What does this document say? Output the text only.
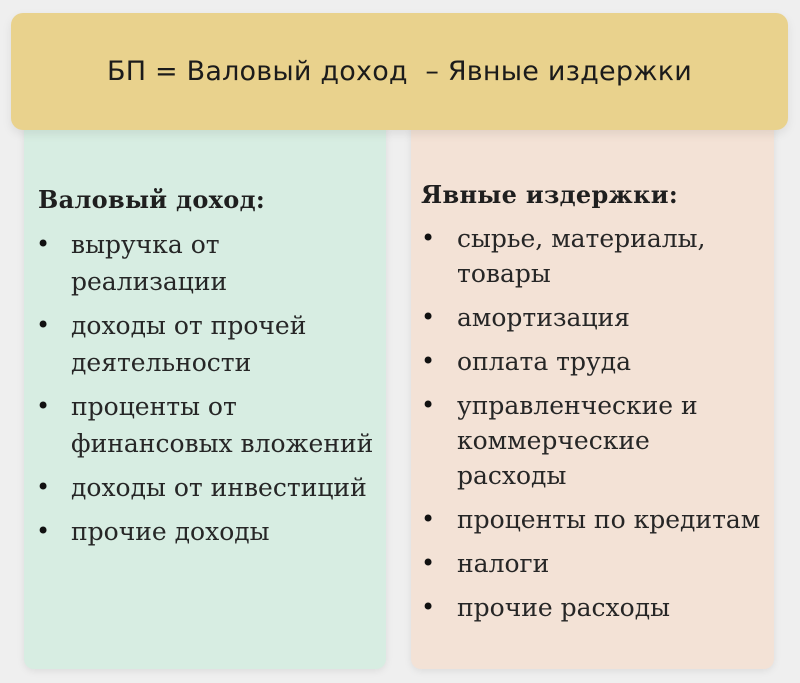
БП = Валовый доход  – Явные издержки
Валовый доход:
• выручка от реализации
• доходы от прочей деятельности
• проценты от финансовых вложений
• доходы от инвестиций
• прочие доходы
Явные издержки:
• сырье, материалы, товары
• амортизация
• оплата труда
• управленческие и коммерческие расходы
• проценты по кредитам
• налоги
• прочие расходы
